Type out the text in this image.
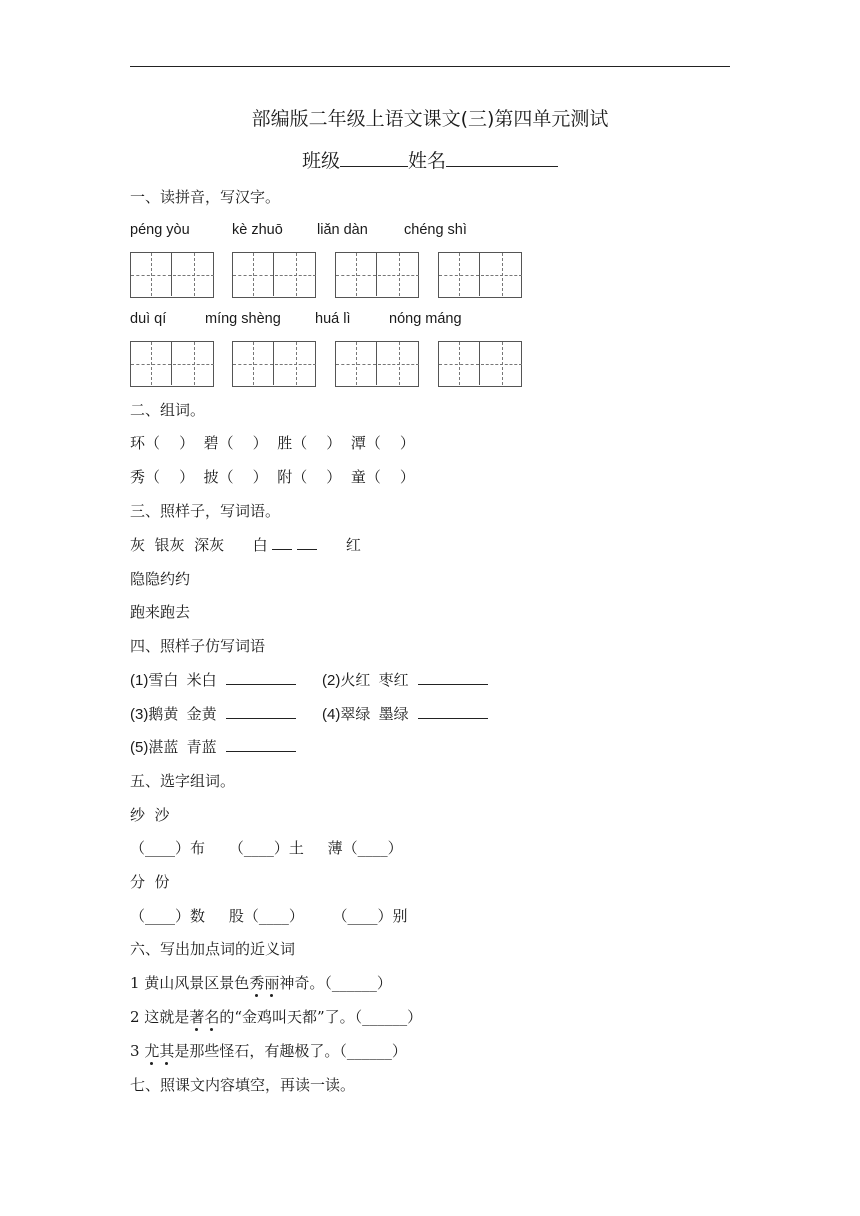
部编版二年级上语文课文(三)第四单元测试
班级	姓名
一、读拼音，写汉字。
péng yòu	kè zhuō liǎn dàn chéng shì
duì qí	míng shèng huá lì	nóng máng
二、组词。
环（    ）  碧（    ）  胜（    ）  潭（    ）
秀（    ）  披（    ）  附（    ）  童（    ）
三、照样子，写词语。
灰  银灰  深灰      白	红
隐隐约约
跑来跑去
四、照样子仿写词语
(1)雪白  米白	(2)火红  枣红
(3)鹅黄  金黄	(4)翠绿  墨绿
(5)湛蓝  青蓝
五、选字组词。
纱  沙
（____）布     （____）土     薄（____）
分  份
（____）数     股（____）      （____）别
六、写出加点词的近义词
1 黄山风景区景色秀丽神奇。（______）
2 这就是著名的“金鸡叫天都”了。（______）
3 尤其是那些怪石，有趣极了。（______）
七、照课文内容填空，再读一读。
